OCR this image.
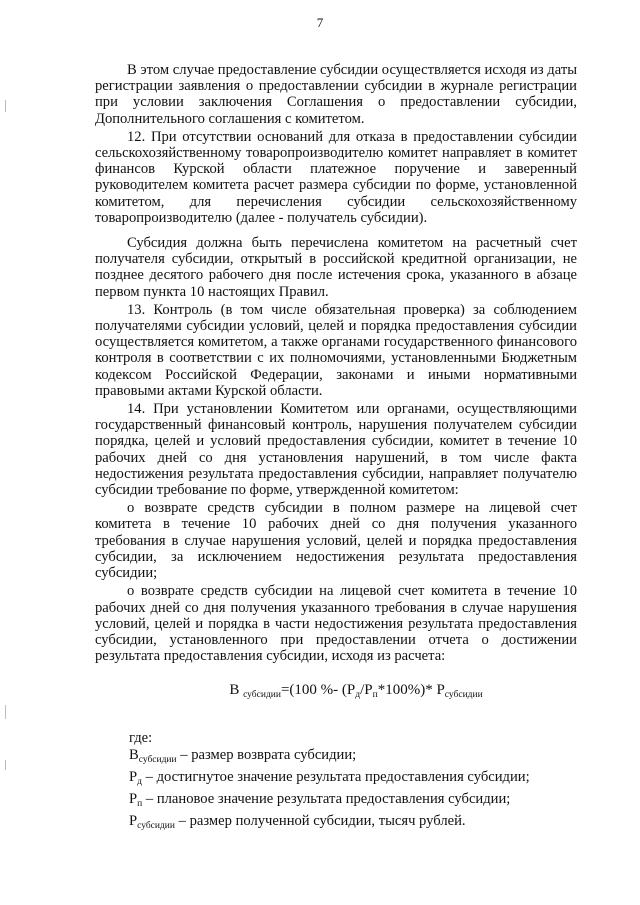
7

В этом случае предоставление субсидии осуществляется исходя из даты регистрации заявления о предоставлении субсидии в журнале регистрации при условии заключения Соглашения о предоставлении субсидии, Дополнительного соглашения с комитетом.

12. При отсутствии оснований для отказа в предоставлении субсидии сельскохозяйственному товаропроизводителю комитет направляет в комитет финансов Курской области платежное поручение и заверенный руководителем комитета расчет размера субсидии по форме, установленной комитетом, для перечисления субсидии сельскохозяйственному товаропроизводителю (далее - получатель субсидии).

Субсидия должна быть перечислена комитетом на расчетный счет получателя субсидии, открытый в российской кредитной организации, не позднее десятого рабочего дня после истечения срока, указанного в абзаце первом пункта 10 настоящих Правил.

13. Контроль (в том числе обязательная проверка) за соблюдением получателями субсидии условий, целей и порядка предоставления субсидии осуществляется комитетом, а также органами государственного финансового контроля в соответствии с их полномочиями, установленными Бюджетным кодексом Российской Федерации, законами и иными нормативными правовыми актами Курской области.

14. При установлении Комитетом или органами, осуществляющими государственный финансовый контроль, нарушения получателем субсидии порядка, целей и условий предоставления субсидии, комитет в течение 10 рабочих дней со дня установления нарушений, в том числе факта недостижения результата предоставления субсидии, направляет получателю субсидии требование по форме, утвержденной комитетом:

о возврате средств субсидии в полном размере на лицевой счет комитета в течение 10 рабочих дней со дня получения указанного требования в случае нарушения условий, целей и порядка предоставления субсидии, за исключением недостижения результата предоставления субсидии;

о возврате средств субсидии на лицевой счет комитета в течение 10 рабочих дней со дня получения указанного требования в случае нарушения условий, целей и порядка в части недостижения результата предоставления субсидии, установленного при предоставлении отчета о достижении результата предоставления субсидии, исходя из расчета:

В $_{субсидии}$=(100 %- $(Р_д/Р_п*100\%)*$ $Р_{субсидии}$

где:

$В_{субсидии}$ – размер возврата субсидии;

$Р_д$ – достигнутое значение результата предоставления субсидии;

$Р_п$ – плановое значение результата предоставления субсидии;

$Р_{субсидии}$ – размер полученной субсидии, тысяч рублей.
